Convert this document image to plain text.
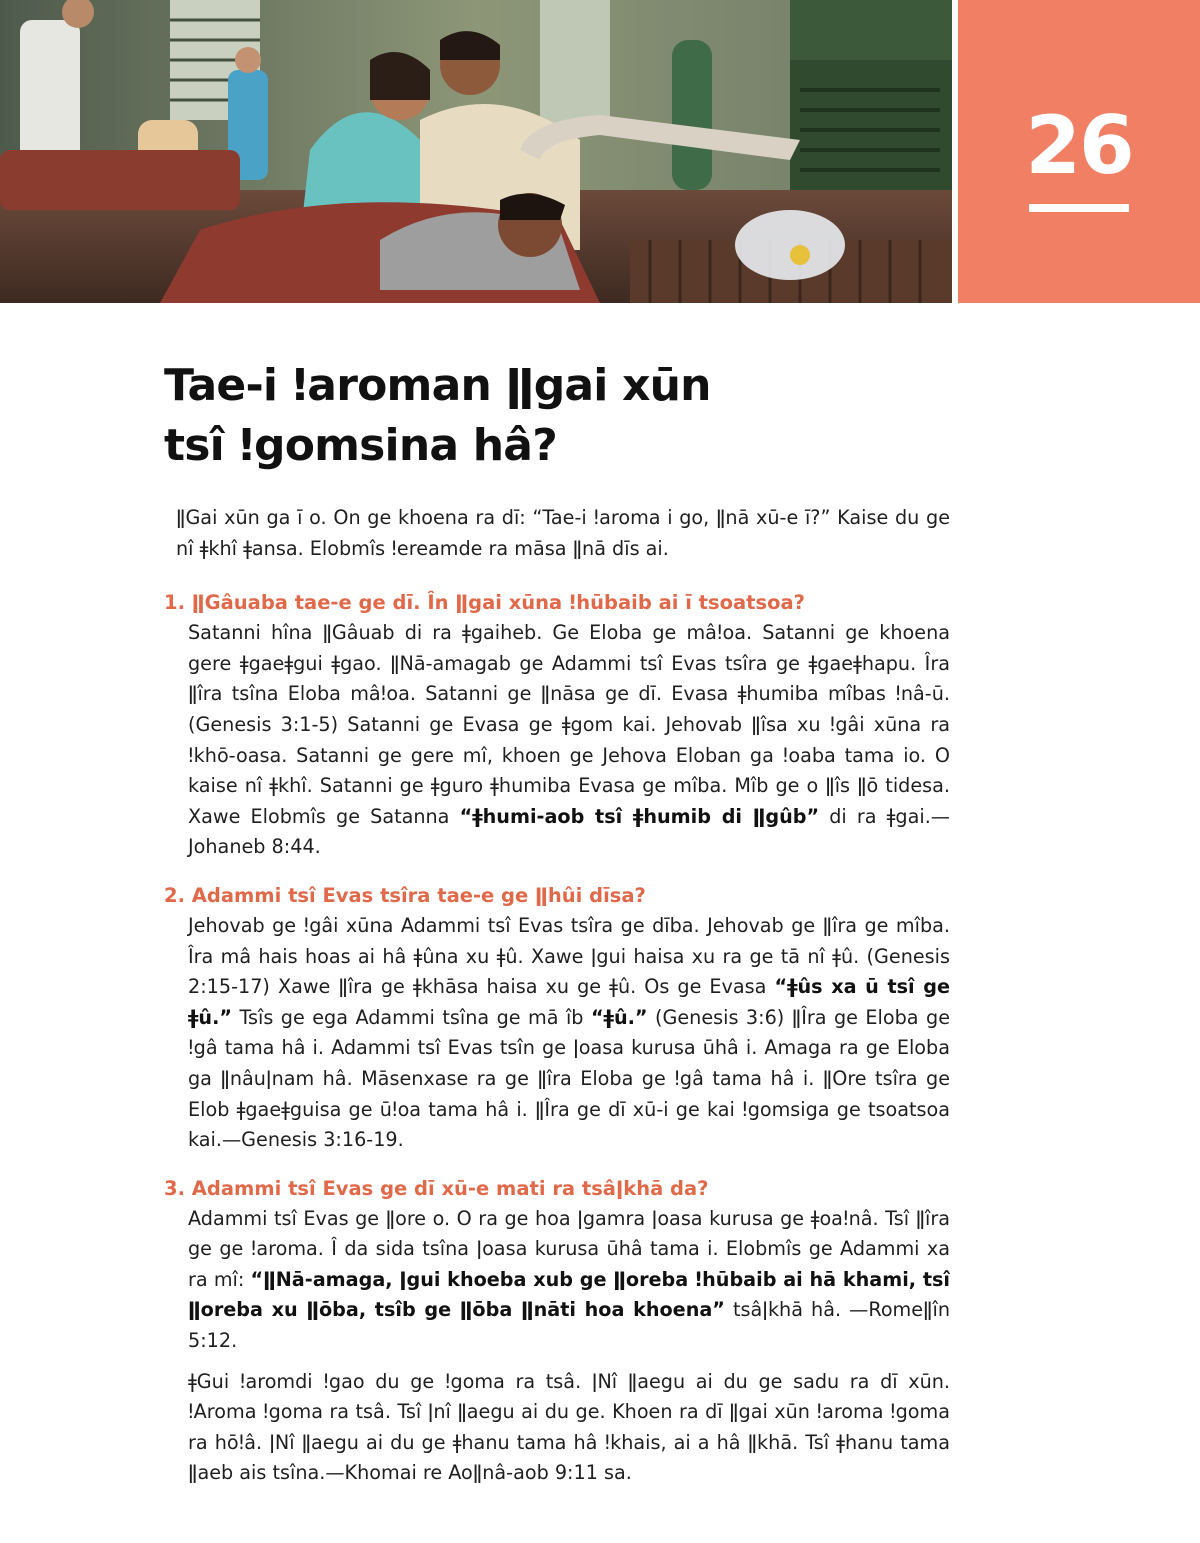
26
Tae-i ǃaroman ǁgai xūn
tsî ǃgomsina hâ?

ǁGai xūn ga ī o. On ge khoena ra dī: “Tae-i ǃaroma i go, ǁnā xū-e ī?” Kaise du ge nî ǂkhî ǂansa. Elobmîs ǃereamde ra māsa ǁnā dīs ai.

1. ǁGâuaba tae-e ge dī. În ǁgai xūna ǃhūbaib ai ī tsoatsoa?

Satanni hîna ǁGâuab di ra ǂgaiheb. Ge Eloba ge mâǃoa. Satanni ge khoena gere ǂgaeǂgui ǂgao. ǁNā-amagab ge Adammi tsî Evas tsîra ge ǂgaeǂhapu. Îra ǁîra tsîna Eloba mâǃoa. Satanni ge ǁnāsa ge dī. Evasa ǂhumiba mîbas ǃnâ-ū. (Genesis 3:1-5) Satanni ge Evasa ge ǂgom kai. Jehovab ǁîsa xu ǃgâi xūna ra ǃkhō-oasa. Satanni ge gere mî, khoen ge Jehova Eloban ga ǃoaba tama io. O kaise nî ǂkhî. Satanni ge ǂguro ǂhumiba Evasa ge mîba. Mîb ge o ǁîs ǁō tidesa. Xawe Elobmîs ge Satanna “ǂhumi-aob tsî ǂhumib di ǁgûb” di ra ǂgai.—Johaneb 8:44.

2. Adammi tsî Evas tsîra tae-e ge ǁhûi dīsa?

Jehovab ge ǃgâi xūna Adammi tsî Evas tsîra ge dība. Jehovab ge ǁîra ge mîba. Îra mâ hais hoas ai hâ ǂûna xu ǂû. Xawe ǀgui haisa xu ra ge tā nî ǂû. (Genesis 2:15-17) Xawe ǁîra ge ǂkhāsa haisa xu ge ǂû. Os ge Evasa “ǂûs xa ū tsî ge ǂû.” Tsîs ge ega Adammi tsîna ge mā îb “ǂû.” (Genesis 3:6) ǁÎra ge Eloba ge ǃgâ tama hâ i. Adammi tsî Evas tsîn ge ǀoasa kurusa ūhâ i. Amaga ra ge Eloba ga ǁnâuǀnam hâ. Māsenxase ra ge ǁîra Eloba ge ǃgâ tama hâ i. ǁOre tsîra ge Elob ǂgaeǂguisa ge ūǃoa tama hâ i. ǁÎra ge dī xū-i ge kai ǃgomsiga ge tsoatsoa kai.—Genesis 3:16-19.

3. Adammi tsî Evas ge dī xū-e mati ra tsâǀkhā da?

Adammi tsî Evas ge ǁore o. O ra ge hoa ǀgamra ǀoasa kurusa ge ǂoaǃnâ. Tsî ǁîra ge ge ǃaroma. Î da sida tsîna ǀoasa kurusa ūhâ tama i. Elobmîs ge Adammi xa ra mî: “ǁNā-amaga, ǀgui khoeba xub ge ǁoreba ǃhūbaib ai hā khami, tsî ǁoreba xu ǁōba, tsîb ge ǁōba ǁnāti hoa khoena” tsâǀkhā hâ. —Romeǁîn 5:12.

ǂGui ǃaromdi ǃgao du ge ǃgoma ra tsâ. ǀNî ǁaegu ai du ge sadu ra dī xūn. ǃAroma ǃgoma ra tsâ. Tsî ǀnî ǁaegu ai du ge. Khoen ra dī ǁgai xūn ǃaroma ǃgoma ra hōǃâ. ǀNî ǁaegu ai du ge ǂhanu tama hâ ǃkhais, ai a hâ ǁkhā. Tsî ǂhanu tama ǁaeb ais tsîna.—Khomai re Aoǁnâ-aob 9:11 sa.
